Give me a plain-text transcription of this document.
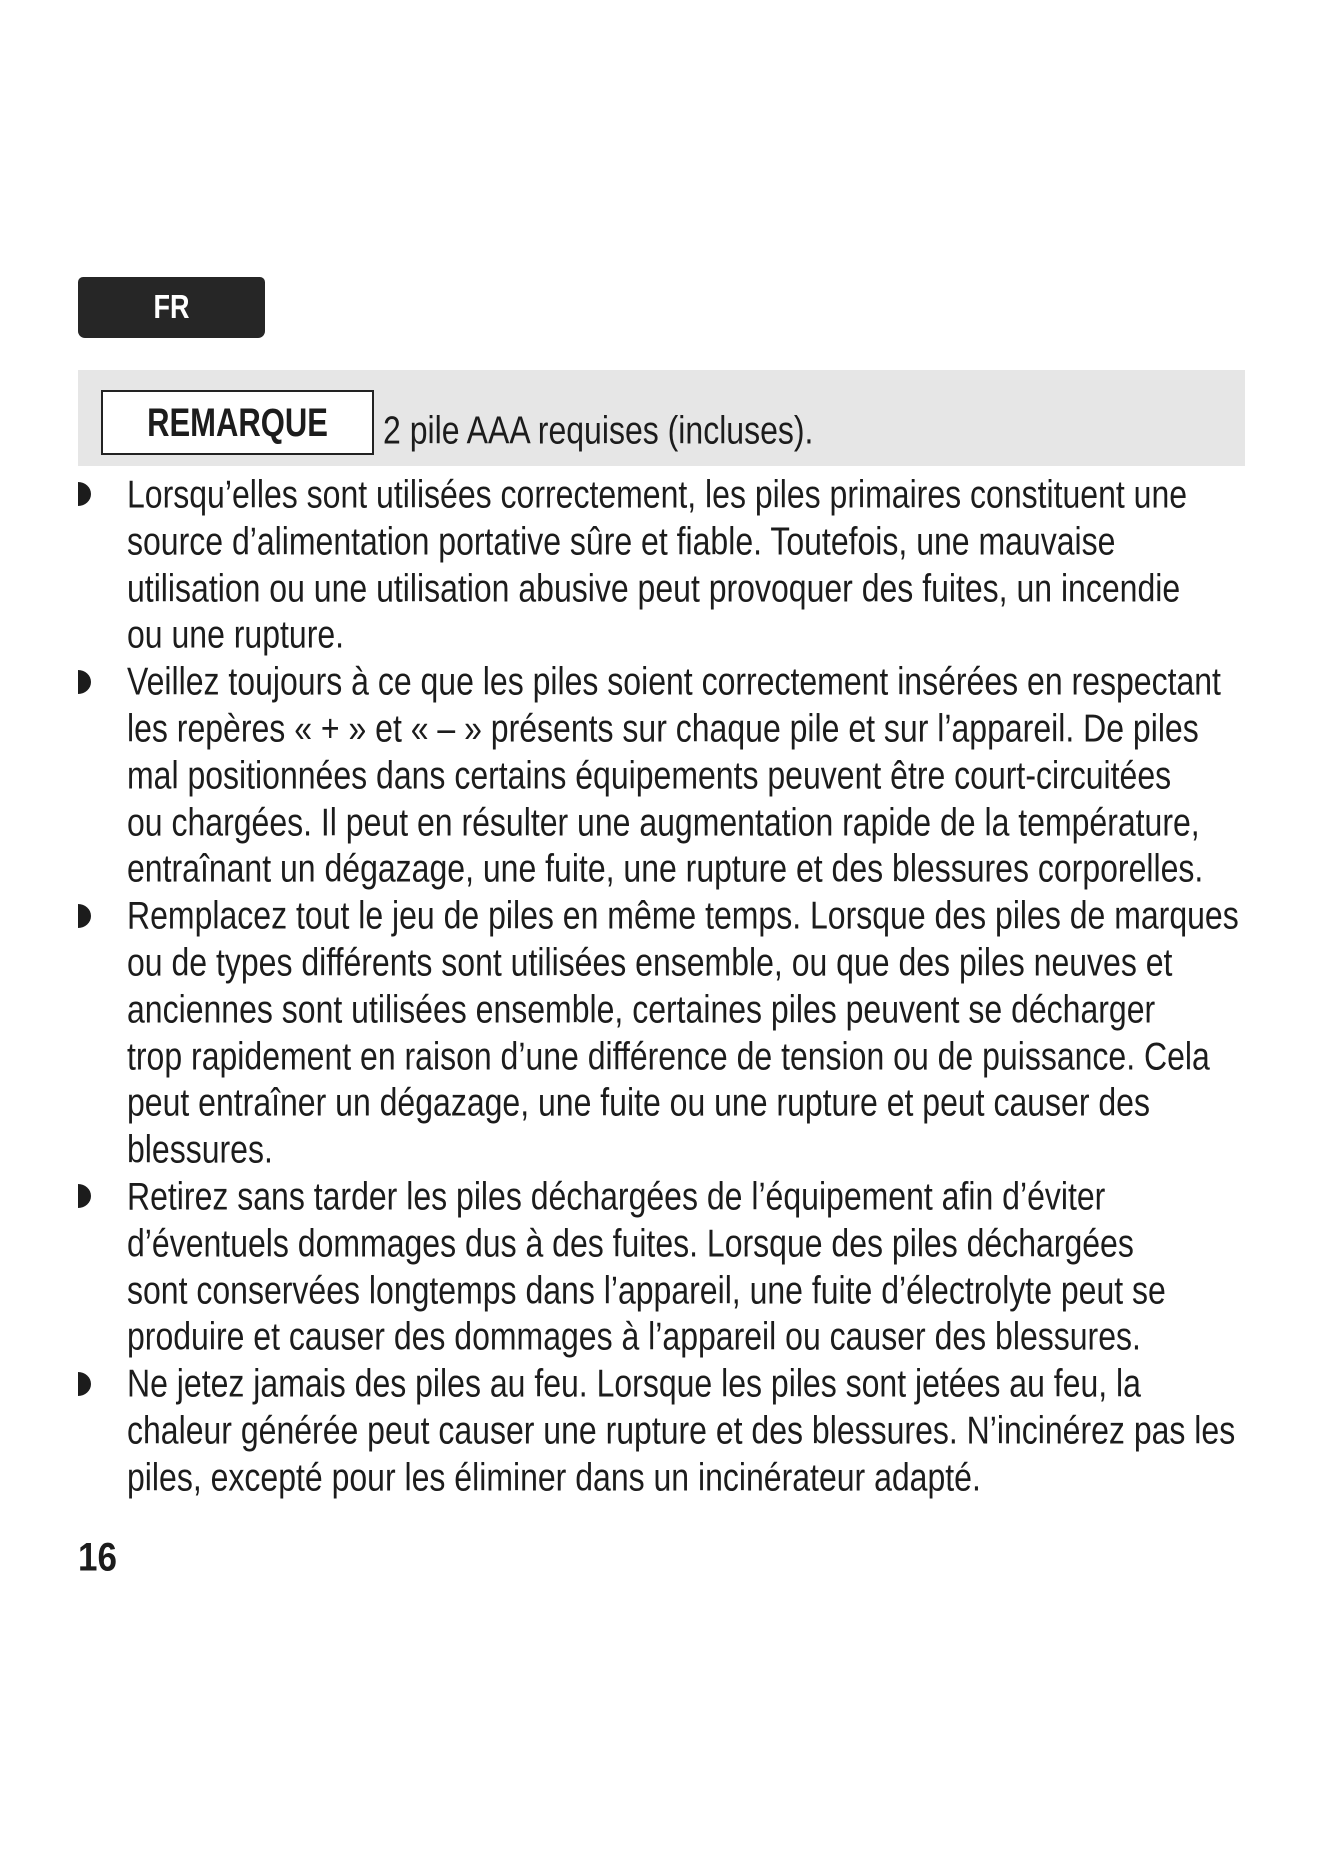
FR
REMARQUE 2 pile AAA requises (incluses).
Lorsqu’elles sont utilisées correctement, les piles primaires constituent une
source d’alimentation portative sûre et fiable. Toutefois, une mauvaise
utilisation ou une utilisation abusive peut provoquer des fuites, un incendie
ou une rupture.
Veillez toujours à ce que les piles soient correctement insérées en respectant
les repères « + » et « – » présents sur chaque pile et sur l’appareil. De piles
mal positionnées dans certains équipements peuvent être court-circuitées
ou chargées. Il peut en résulter une augmentation rapide de la température,
entraînant un dégazage, une fuite, une rupture et des blessures corporelles.
Remplacez tout le jeu de piles en même temps. Lorsque des piles de marques
ou de types différents sont utilisées ensemble, ou que des piles neuves et
anciennes sont utilisées ensemble, certaines piles peuvent se décharger
trop rapidement en raison d’une différence de tension ou de puissance. Cela
peut entraîner un dégazage, une fuite ou une rupture et peut causer des
blessures.
Retirez sans tarder les piles déchargées de l’équipement afin d’éviter
d’éventuels dommages dus à des fuites. Lorsque des piles déchargées
sont conservées longtemps dans l’appareil, une fuite d’électrolyte peut se
produire et causer des dommages à l’appareil ou causer des blessures.
Ne jetez jamais des piles au feu. Lorsque les piles sont jetées au feu, la
chaleur générée peut causer une rupture et des blessures. N’incinérez pas les
piles, excepté pour les éliminer dans un incinérateur adapté.
16
